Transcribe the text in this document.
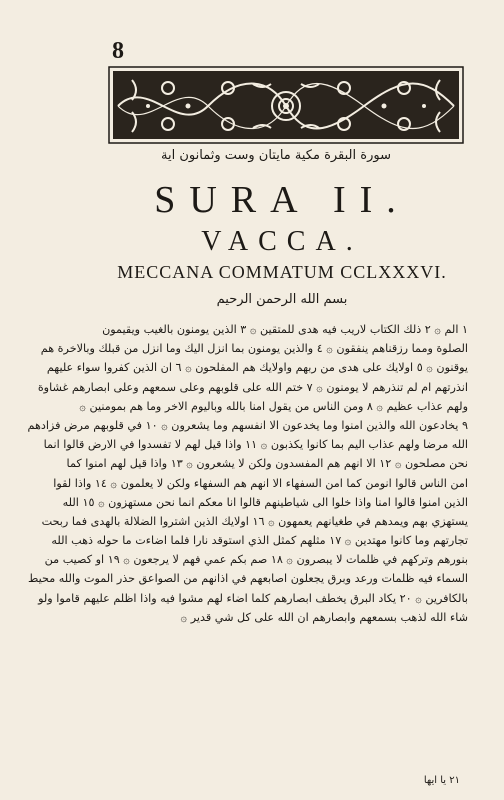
8
سورة البقرة مكية مايتان وست وثمانون اية
SURA II.
VACCA.
MECCANA COMMATUM CCLXXXVI.
بسم الله الرحمن الرحيم
١ الم ۞ ٢ ذلك الكتاب لاريب فيه هدى للمتقين ۞ ٣ الذين يومنون بالغيب ويقيمون
الصلوة ومما رزقناهم ينفقون ۞ ٤ والذين يومنون بما انزل اليك وما انزل من قبلك وبالاخرة هم
يوقنون ۞ ٥ اولايك على هدى من ربهم واولايك هم المفلحون ۞ ٦ ان الذين كفروا سواء عليهم
انذرتهم ام لم تنذرهم لا يومنون ۞ ٧ ختم الله على قلوبهم وعلى سمعهم وعلى ابصارهم غشاوة
ولهم عذاب عظيم ۞ ٨ ومن الناس من يقول امنا بالله وباليوم الاخر وما هم بمومنين ۞
٩ يخادعون الله والذين امنوا وما يخدعون الا انفسهم وما يشعرون ۞ ١٠ في قلوبهم مرض فزادهم
الله مرضا ولهم عذاب اليم بما كانوا يكذبون ۞ ١١ واذا قيل لهم لا تفسدوا في الارض قالوا انما
نحن مصلحون ۞ ١٢ الا انهم هم المفسدون ولكن لا يشعرون ۞ ١٣ واذا قيل لهم امنوا كما
امن الناس قالوا انومن كما امن السفهاء الا انهم هم السفهاء ولكن لا يعلمون ۞ ١٤ واذا لقوا
الذين امنوا قالوا امنا واذا خلوا الى شياطينهم قالوا انا معكم انما نحن مستهزون ۞ ١٥ الله
يستهزي بهم ويمدهم في طغيانهم يعمهون ۞ ١٦ اولايك الذين اشتروا الضلالة بالهدى فما ربحت
تجارتهم وما كانوا مهتدين ۞ ١٧ مثلهم كمثل الذي استوقد نارا فلما اضاءت ما حوله ذهب الله
بنورهم وتركهم في ظلمات لا يبصرون ۞ ١٨ صم بكم عمي فهم لا يرجعون ۞ ١٩ او كصيب من
السماء فيه ظلمات ورعد وبرق يجعلون اصابعهم في اذانهم من الصواعق حذر الموت والله محيط
بالكافرين ۞ ٢٠ يكاد البرق يخطف ابصارهم كلما اضاء لهم مشوا فيه واذا اظلم عليهم قاموا ولو
شاء الله لذهب بسمعهم وابصارهم ان الله على كل شي قدير ۞
٢١ يا ايها
